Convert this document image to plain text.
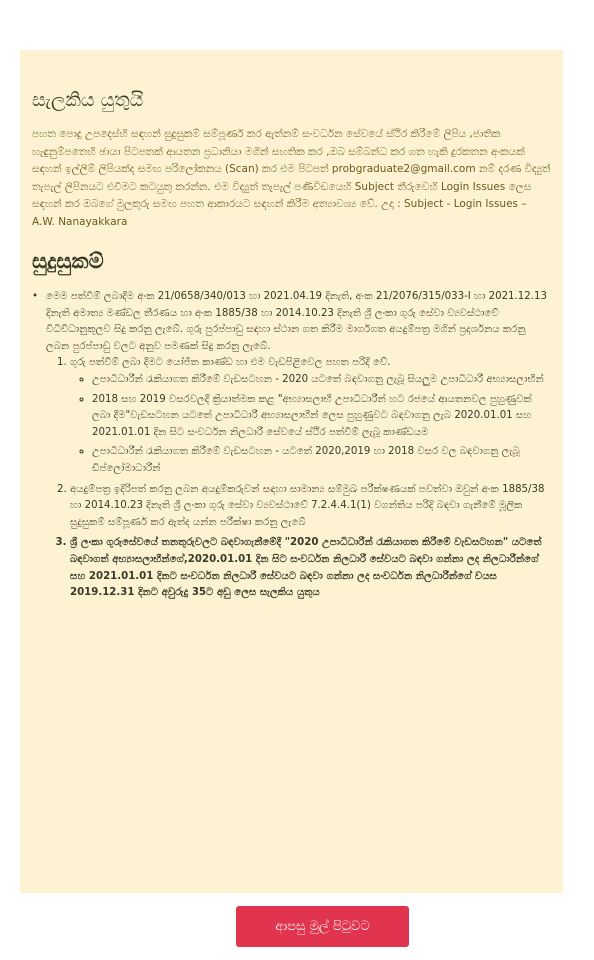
සැලකිය යුතුයි

පහත පොදු උපදෙස්හි සඳහන් සුදුසුකම් සම්පූර්ණ කර ඇත්නම් සංවර්ධන සේවයේ ස්ථිර කිරීමේ ලිපිය ,ජාතික හැඳුනුම්පතෙහි ඡායා පිටපතක් ආයතන ප්‍රධානියා මගින් සහතික කර ,ඔබ සම්බන්ධ කර ගත හැකි දුරකතන අංකයක් සඳහන් ඉල්ලීම් ලිපියක්ද සමඟ පරිලෝකනය (Scan) කර එම පිටපත් probgraduate2@gmail.com නම් දරණ විද්‍යුත් තැපැල් ලිපිනයට එවීමට කටයුතු කරන්න. එම විද්‍යුත් තැපැල් පණිවිඩයෙහි Subject තීරුවෙහි Login Issues ලෙස සඳහන් කර ඔබගේ මුලකුරු සමඟ පහත ආකාරයට සඳහන් කිරීම අත්‍යාවශ්‍ය වේ. උදා : Subject - Login Issues – A.W. Nanayakkara

සුදුසුකම්

• මෙම පත්වීම් ලබාදීම අංක 21/0658/340/013 හා 2021.04.19 දිනැති, අංක 21/2076/315/033-I හා 2021.12.13 දිනැති අමාත්‍ය මණ්ඩල තීරණය හා අංක 1885/38 හා 2014.10.23 දිනැති ශ්‍රී ලංකා ගුරු සේවා ව්‍යවස්ථාවේ විධිවිධානුකූලව සිදු කරනු ලැබේ. ගුරු පුරප්පාඩු සඳහා ස්ථාන ගත කිරීම මාර්ගගත අයදුම්පත්‍ර මගින් ප්‍රදර්ශනය කරනු ලබන පුරප්පාඩු වලට අනුව පමණක් සිදු කරනු ලැබේ.

1. ගුරු පත්වීම් ලබා දීමට යෝජිත කාණ්ඩ හා එම වැඩපිළිවෙල පහත පරිදි වේ.
◦ උපාධිධාරීන් රැකියාගත කිරීමේ වැඩසටහන - 2020 යටතේ බඳවාගනු ලැබූ සියලුම උපාධිධාරී අභ්‍යාසලාභීන්
◦ 2018 සහ 2019 වසරවලදී ක්‍රියාත්මක කළ "අභ්‍යාසලාභී උපාධිධාරීන් හට රජයේ ආයතනවල පුහුණුවක් ලබා දීම"වැඩසටහන යටතේ උපාධිධාරී අභ්‍යාසලාභීන් ලෙස පුහුණුවට බඳවාගනු ලැබ 2020.01.01 සහ 2021.01.01 දින සිට සංවර්ධන නිලධාරී සේවයේ ස්ථිර පත්වීම් ලැබූ කාණ්ඩයම
◦ උපාධිධාරීන් රැකියාගත කිරීමේ වැඩසටහන - යටතේ 2020,2019 හා 2018 වසර වල බඳවාගනු ලැබූ ඩිප්ලෝමාධාරීන්
2. අයදුම්පත්‍ර ඉදිරිපත් කරනු ලබන අයදුම්කරුවන් සඳහා සාමාන්‍ය සම්මුඛ පරීක්ෂණයක් පවත්වා ඔවුන් අංක 1885/38 හා 2014.10.23 දිනැති ශ්‍රී ලංකා ගුරු සේවා ව්‍යවස්ථාවේ 7.2.4.4.1(1) වගන්තිය පරිදි බඳවා ගැනීමේ මූලික සුදුසුකම් සම්පූර්ණ කර ඇත්ද යන්න පරීක්ෂා කරනු ලැබේ
3. ශ්‍රී ලංකා ගුරුසේවයේ තනතුරුවලට බඳවාගැනීමේදී "2020 උපාධිධාරීන් රැකියාගත කිරීමේ වැඩසටහන" යටතේ බඳවාගත් අභ්‍යාසලාභීන්ගේ,2020.01.01 දින සිට සංවර්ධන නිලධාරී සේවයට බඳවා ගන්නා ලද නිලධාරීන්ගේ සහ 2021.01.01 දිනට සංවර්ධන නිලධාරී සේවයට බඳවා ගන්නා ලද සංවර්ධන නිලධාරීන්ගේ වයස 2019.12.31 දිනට අවුරුදු 35ට අඩු ලෙස සැලකිය යුතුය
ආපසු මුල් පිටුවට
